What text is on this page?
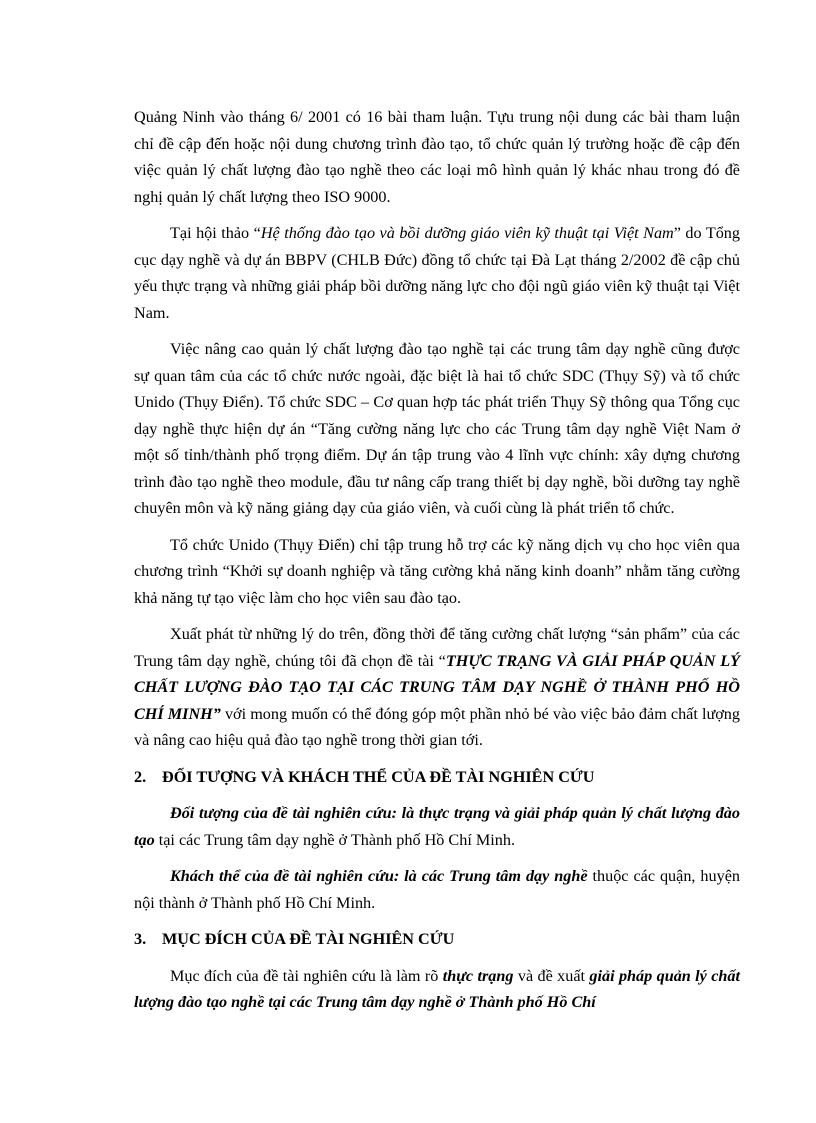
Quảng Ninh vào tháng 6/ 2001 có 16 bài tham luận. Tựu trung nội dung các bài tham luận chỉ đề cập đến hoặc nội dung chương trình đào tạo, tổ chức quản lý trường hoặc đề cập đến việc quản lý chất lượng đào tạo nghề theo các loại mô hình quản lý khác nhau trong đó đề nghị quản lý chất lượng theo ISO 9000.

Tại hội thảo “Hệ thống đào tạo và bồi dưỡng giáo viên kỹ thuật tại Việt Nam” do Tổng cục dạy nghề và dự án BBPV (CHLB Đức) đồng tổ chức tại Đà Lạt tháng 2/2002 đề cập chủ yếu thực trạng và những giải pháp bồi dưỡng năng lực cho đội ngũ giáo viên kỹ thuật tại Việt Nam.

Việc nâng cao quản lý chất lượng đào tạo nghề tại các trung tâm dạy nghề cũng được sự quan tâm của các tổ chức nước ngoài, đặc biệt là hai tổ chức SDC (Thụy Sỹ) và tổ chức Unido (Thụy Điển). Tổ chức SDC – Cơ quan hợp tác phát triển Thụy Sỹ thông qua Tổng cục dạy nghề thực hiện dự án “Tăng cường năng lực cho các Trung tâm dạy nghề Việt Nam ở một số tỉnh/thành phố trọng điểm. Dự án tập trung vào 4 lĩnh vực chính: xây dựng chương trình đào tạo nghề theo module, đầu tư nâng cấp trang thiết bị dạy nghề, bồi dưỡng tay nghề chuyên môn và kỹ năng giảng dạy của giáo viên, và cuối cùng là phát triển tổ chức.

Tổ chức Unido (Thụy Điển) chỉ tập trung hỗ trợ các kỹ năng dịch vụ cho học viên qua chương trình “Khởi sự doanh nghiệp và tăng cường khả năng kinh doanh” nhằm tăng cường khả năng tự tạo việc làm cho học viên sau đào tạo.

Xuất phát từ những lý do trên, đồng thời để tăng cường chất lượng “sản phẩm” của các Trung tâm dạy nghề, chúng tôi đã chọn đề tài “THỰC TRẠNG VÀ GIẢI PHÁP QUẢN LÝ CHẤT LƯỢNG ĐÀO TẠO TẠI CÁC TRUNG TÂM DẠY NGHỀ Ở THÀNH PHỐ HỒ CHÍ MINH” với mong muốn có thể đóng góp một phần nhỏ bé vào việc bảo đảm chất lượng và nâng cao hiệu quả đào tạo nghề trong thời gian tới.

2. ĐỐI TƯỢNG VÀ KHÁCH THỂ CỦA ĐỀ TÀI NGHIÊN CỨU

Đối tượng của đề tài nghiên cứu: là thực trạng và giải pháp quản lý chất lượng đào tạo tại các Trung tâm dạy nghề ở Thành phố Hồ Chí Minh.

Khách thể của đề tài nghiên cứu: là các Trung tâm dạy nghề thuộc các quận, huyện nội thành ở Thành phố Hồ Chí Minh.

3. MỤC ĐÍCH CỦA ĐỀ TÀI NGHIÊN CỨU

Mục đích của đề tài nghiên cứu là làm rõ thực trạng và đề xuất giải pháp quản lý chất lượng đào tạo nghề tại các Trung tâm dạy nghề ở Thành phố Hồ Chí
